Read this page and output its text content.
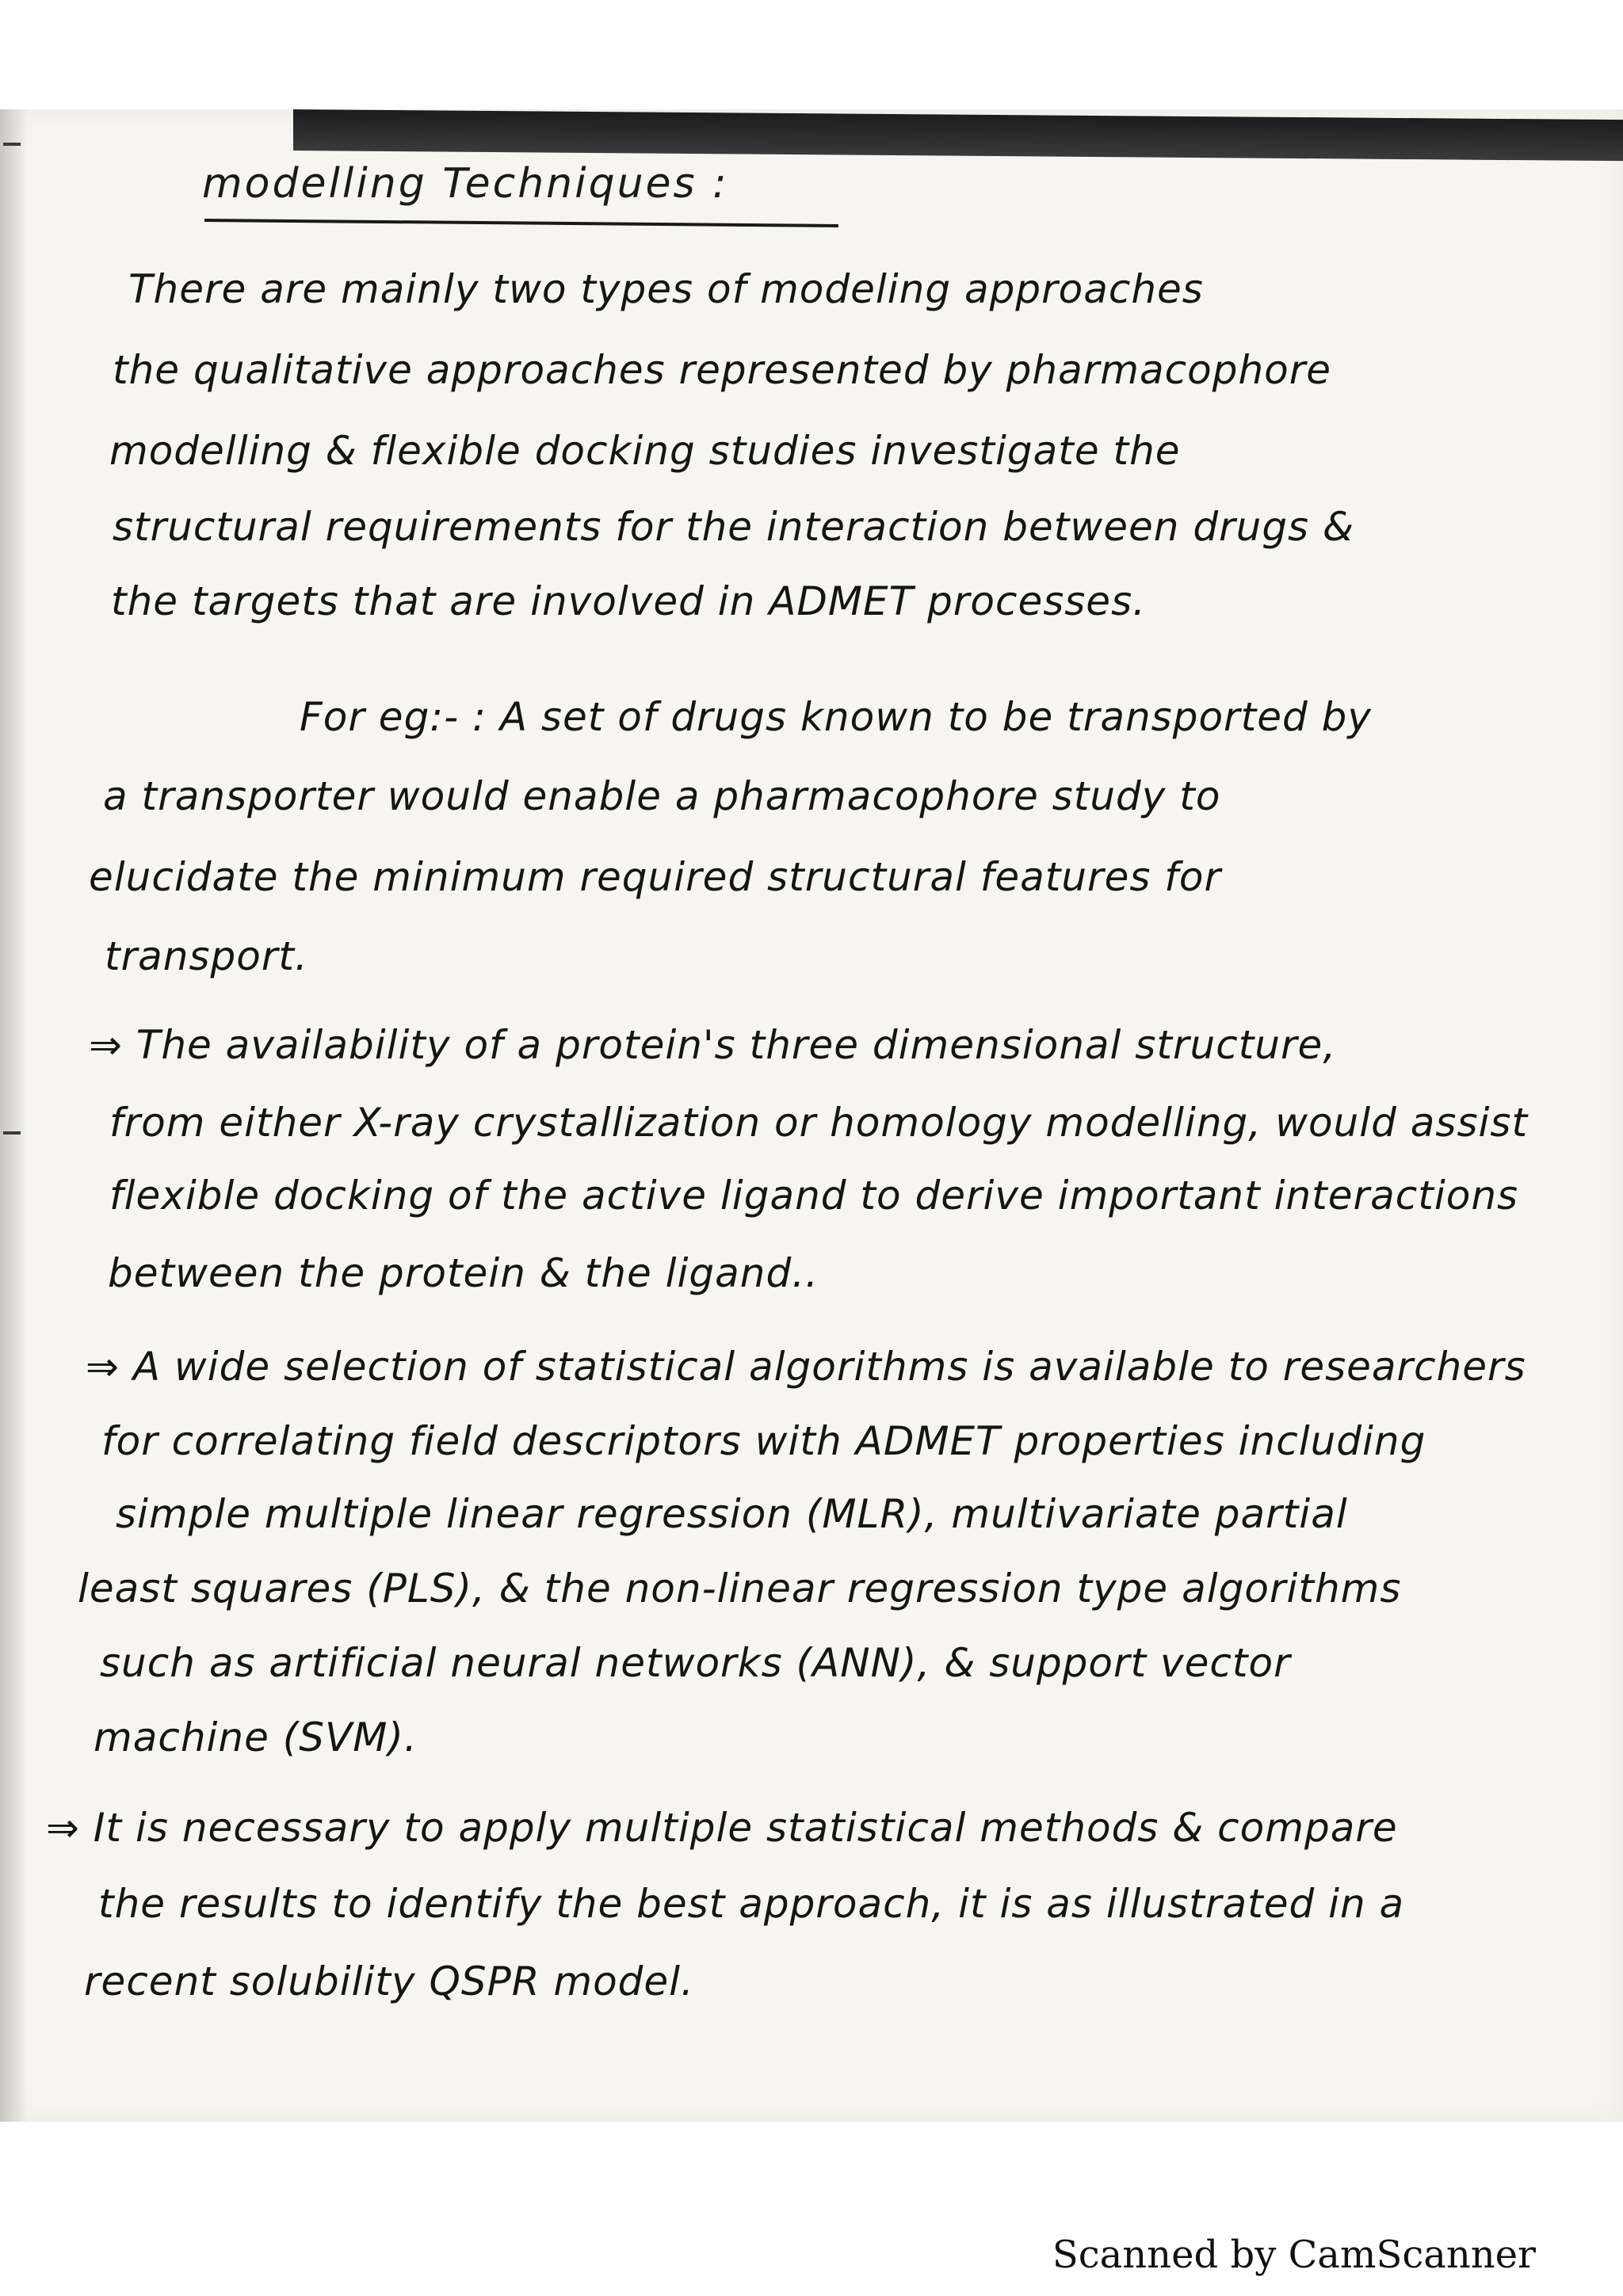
modelling Techniques :
There are mainly two types of modeling approaches
the qualitative approaches represented by pharmacophore
modelling & flexible docking studies investigate the
structural requirements for the interaction between drugs &
the targets that are involved in ADMET processes.
For eg:- : A set of drugs known to be transported by
a transporter would enable a pharmacophore study to
elucidate the minimum required structural features for
transport.
⇒ The availability of a protein's three dimensional structure,
from either X-ray crystallization or homology modelling, would assist
flexible docking of the active ligand to derive important interactions
between the protein & the ligand..
⇒ A wide selection of statistical algorithms is available to researchers
for correlating field descriptors with ADMET properties including
simple multiple linear regression (MLR), multivariate partial
least squares (PLS), & the non-linear regression type algorithms
such as artificial neural networks (ANN), & support vector
machine (SVM).
⇒ It is necessary to apply multiple statistical methods & compare
the results to identify the best approach, it is as illustrated in a
recent solubility QSPR model.
Scanned by CamScanner
